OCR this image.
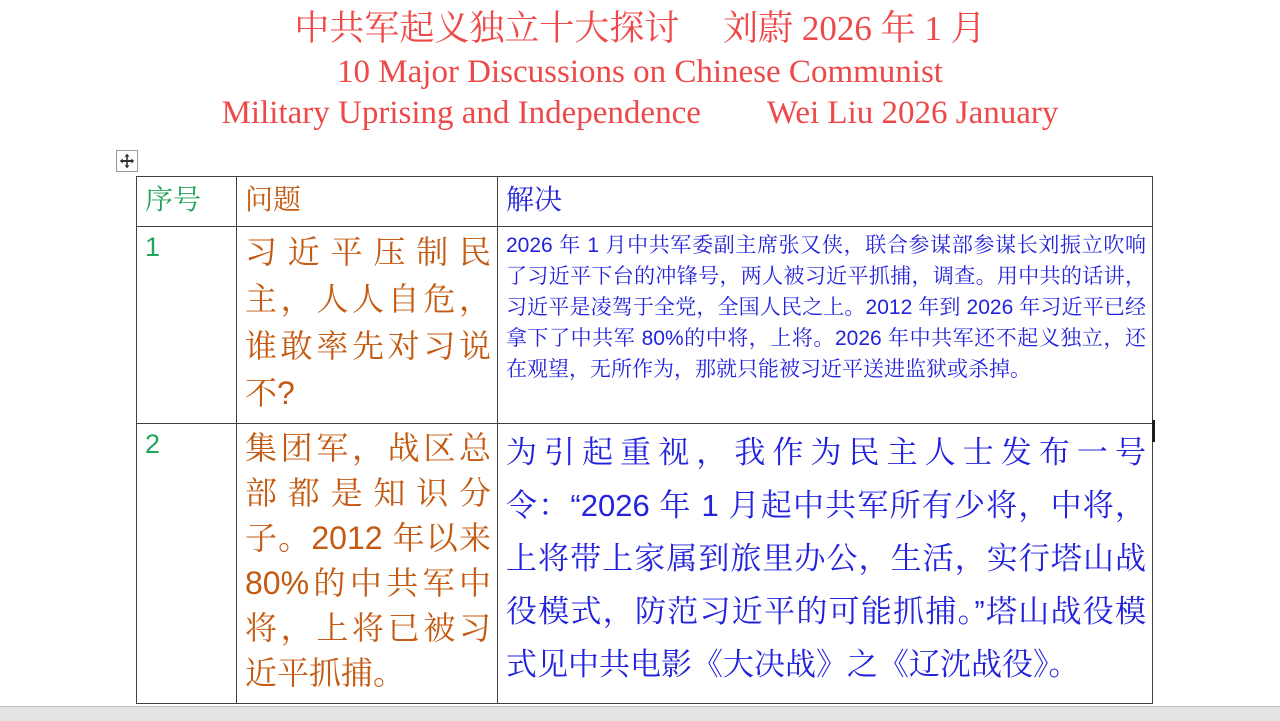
中共军起义独立十大探讨　 刘蔚 2026 年 1 月
10 Major Discussions on Chinese Communist
Military Uprising and Independence　　Wei Liu 2026 January
序号	问题	解决
1	习近平压制民主，人人自危，谁敢率先对习说不?	2026 年 1 月中共军委副主席张又侠，联合参谋部参谋长刘振立吹响了习近平下台的冲锋号，两人被习近平抓捕，调查。用中共的话讲，习近平是凌驾于全党，全国人民之上。2012 年到 2026 年习近平已经拿下了中共军 80%的中将，上将。2026 年中共军还不起义独立，还在观望，无所作为，那就只能被习近平送进监狱或杀掉。
2	集团军，战区总部都是知识分子。2012 年以来 80%的中共军中将，上将已被习近平抓捕。	为引起重视，我作为民主人士发布一号令：“2026 年 1 月起中共军所有少将，中将，上将带上家属到旅里办公，生活，实行塔山战役模式，防范习近平的可能抓捕。”塔山战役模式见中共电影《大决战》之《辽沈战役》。
